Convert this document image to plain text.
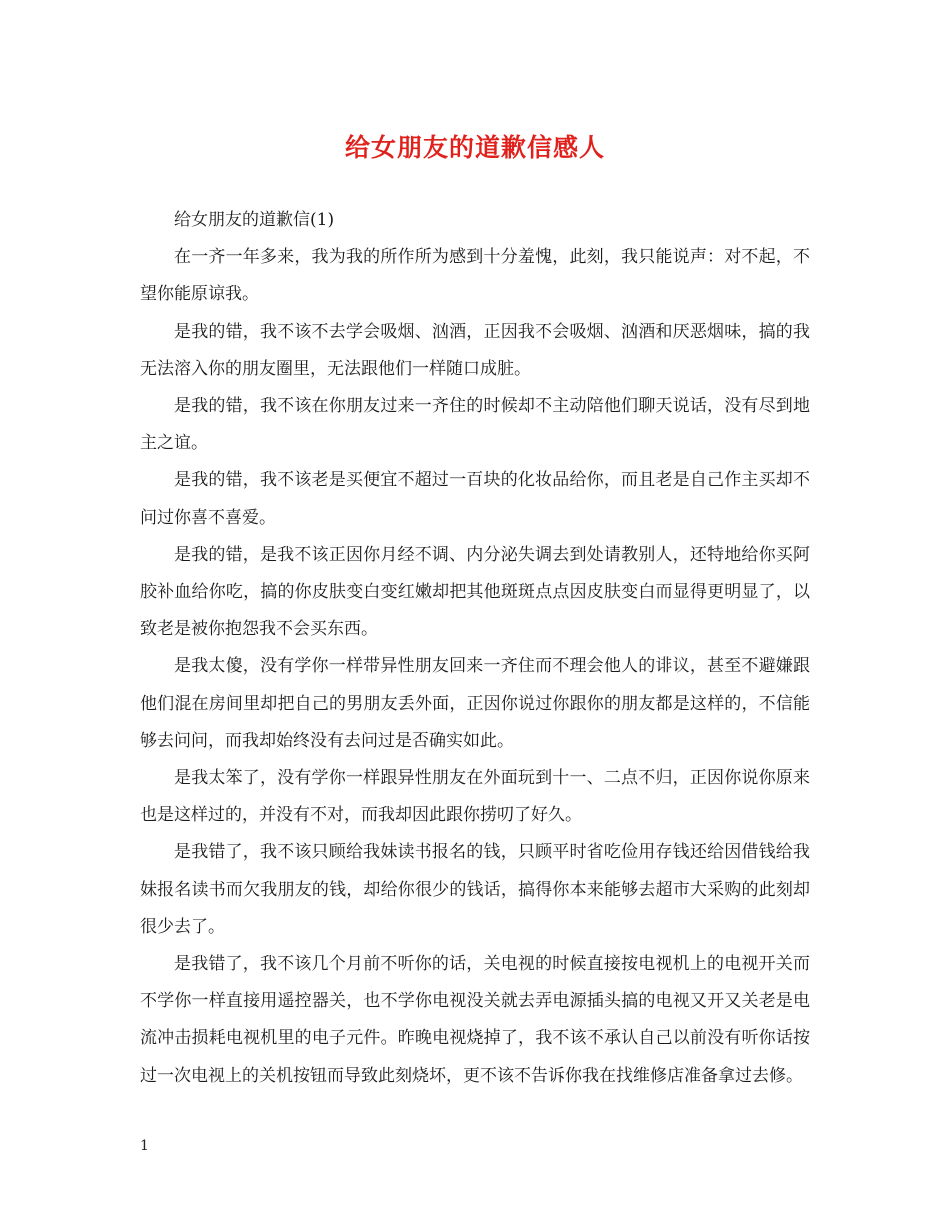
给女朋友的道歉信感人

给女朋友的道歉信(1)

在一齐一年多来，我为我的所作所为感到十分羞愧，此刻，我只能说声：对不起，不望你能原谅我。

是我的错，我不该不去学会吸烟、汹酒，正因我不会吸烟、汹酒和厌恶烟味，搞的我无法溶入你的朋友圈里，无法跟他们一样随口成脏。

是我的错，我不该在你朋友过来一齐住的时候却不主动陪他们聊天说话，没有尽到地主之谊。

是我的错，我不该老是买便宜不超过一百块的化妆品给你，而且老是自己作主买却不问过你喜不喜爱。

是我的错，是我不该正因你月经不调、内分泌失调去到处请教别人，还特地给你买阿胶补血给你吃，搞的你皮肤变白变红嫩却把其他斑斑点点因皮肤变白而显得更明显了，以致老是被你抱怨我不会买东西。

是我太傻，没有学你一样带异性朋友回来一齐住而不理会他人的诽议，甚至不避嫌跟他们混在房间里却把自己的男朋友丢外面，正因你说过你跟你的朋友都是这样的，不信能够去问问，而我却始终没有去问过是否确实如此。

是我太笨了，没有学你一样跟异性朋友在外面玩到十一、二点不归，正因你说你原来也是这样过的，并没有不对，而我却因此跟你捞叨了好久。

是我错了，我不该只顾给我妹读书报名的钱，只顾平时省吃俭用存钱还给因借钱给我妹报名读书而欠我朋友的钱，却给你很少的钱话，搞得你本来能够去超市大采购的此刻却很少去了。

是我错了，我不该几个月前不听你的话，关电视的时候直接按电视机上的电视开关而不学你一样直接用遥控器关，也不学你电视没关就去弄电源插头搞的电视又开又关老是电流冲击损耗电视机里的电子元件。昨晚电视烧掉了，我不该不承认自己以前没有听你话按过一次电视上的关机按钮而导致此刻烧坏，更不该不告诉你我在找维修店准备拿过去修。

1
